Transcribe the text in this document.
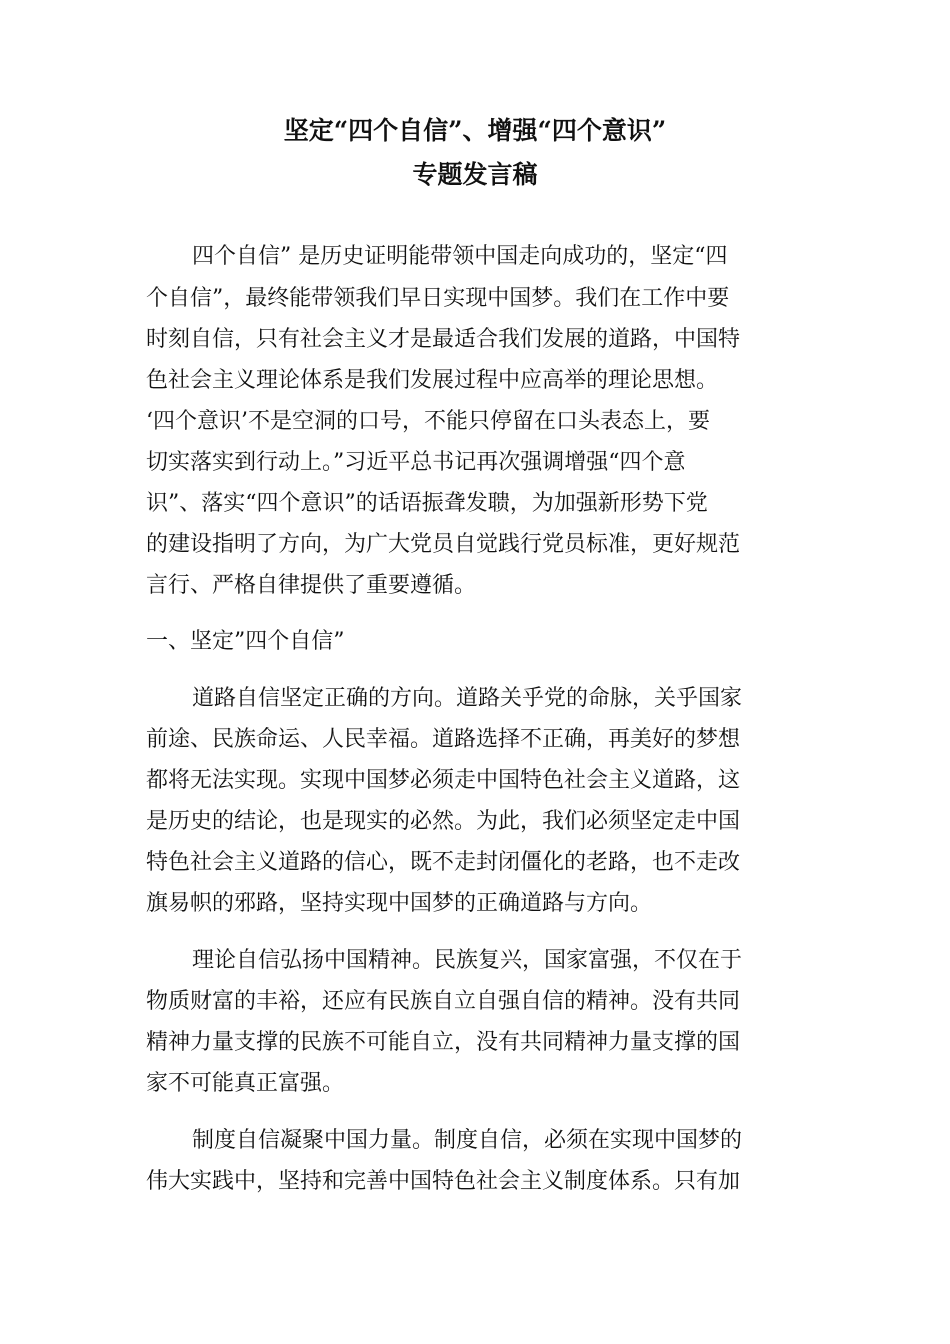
坚定“四个自信”、增强“四个意识”
专题发言稿
四个自信” 是历史证明能带领中国走向成功的，坚定“四
个自信”，最终能带领我们早日实现中国梦。我们在工作中要
时刻自信，只有社会主义才是最适合我们发展的道路，中国特
色社会主义理论体系是我们发展过程中应高举的理论思想。
‘四个意识’不是空洞的口号，不能只停留在口头表态上，要
切实落实到行动上。”习近平总书记再次强调增强“四个意
识”、落实“四个意识”的话语振聋发聩，为加强新形势下党
的建设指明了方向，为广大党员自觉践行党员标准，更好规范
言行、严格自律提供了重要遵循。
一、坚定”四个自信”
道路自信坚定正确的方向。道路关乎党的命脉，关乎国家
前途、民族命运、人民幸福。道路选择不正确，再美好的梦想
都将无法实现。实现中国梦必须走中国特色社会主义道路，这
是历史的结论，也是现实的必然。为此，我们必须坚定走中国
特色社会主义道路的信心，既不走封闭僵化的老路，也不走改
旗易帜的邪路，坚持实现中国梦的正确道路与方向。
理论自信弘扬中国精神。民族复兴，国家富强，不仅在于
物质财富的丰裕，还应有民族自立自强自信的精神。没有共同
精神力量支撑的民族不可能自立，没有共同精神力量支撑的国
家不可能真正富强。
制度自信凝聚中国力量。制度自信，必须在实现中国梦的
伟大实践中，坚持和完善中国特色社会主义制度体系。只有加
